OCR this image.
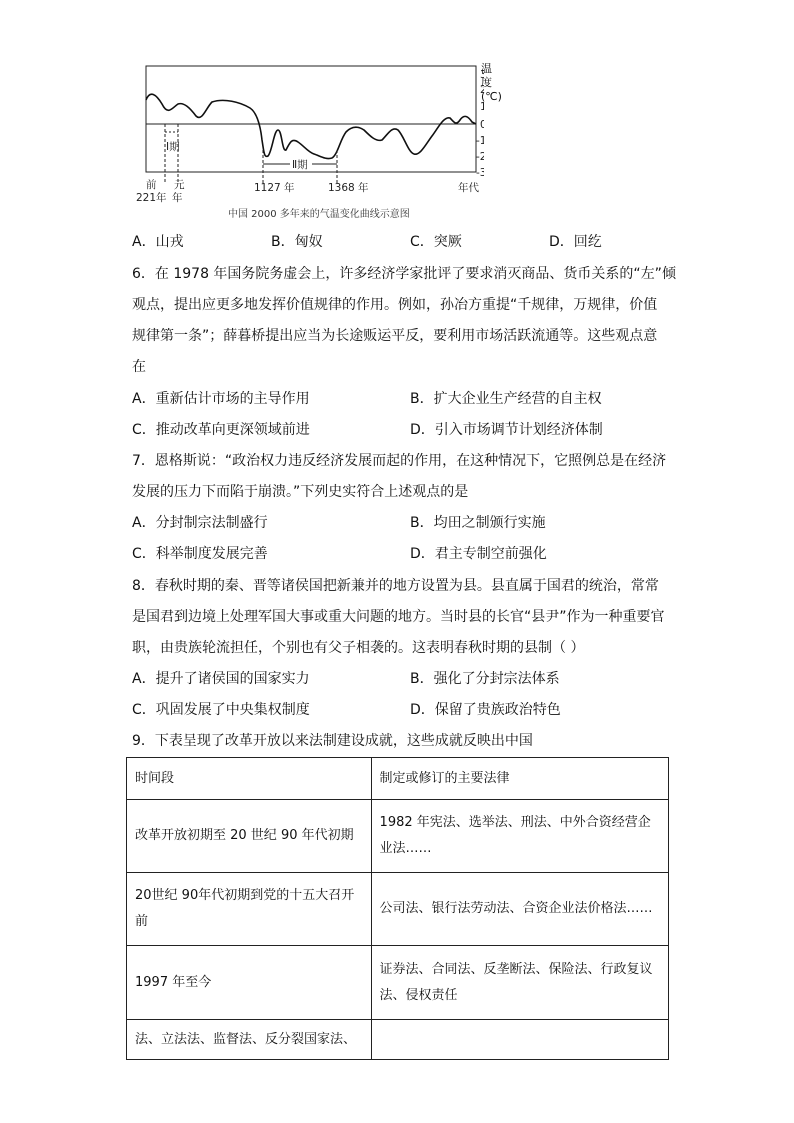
Ⅰ期
Ⅱ期
3
2
1
0
-1
-2
-3
前 元
221年 年
1127 年	1368 年	年代
温
度
(℃)
中国 2000 多年来的气温变化曲线示意图
A．山戎	B．匈奴	C．突厥	D．回纥
6．在 1978 年国务院务虚会上，许多经济学家批评了要求消灭商品、货币关系的“左”倾
观点，提出应更多地发挥价值规律的作用。例如，孙冶方重提“千规律，万规律，价值
规律第一条”；薛暮桥提出应当为长途贩运平反，要利用市场活跃流通等。这些观点意
在
A．重新估计市场的主导作用	B．扩大企业生产经营的自主权
C．推动改革向更深领域前进	D．引入市场调节计划经济体制
7．恩格斯说：“政治权力违反经济发展而起的作用，在这种情况下，它照例总是在经济
发展的压力下而陷于崩溃。”下列史实符合上述观点的是
A．分封制宗法制盛行	B．均田之制颁行实施
C．科举制度发展完善	D．君主专制空前强化
8．春秋时期的秦、晋等诸侯国把新兼并的地方设置为县。县直属于国君的统治，常常
是国君到边境上处理军国大事或重大问题的地方。当时县的长官“县尹”作为一种重要官
职，由贵族轮流担任，个别也有父子相袭的。这表明春秋时期的县制（ ）
A．提升了诸侯国的国家实力	B．强化了分封宗法体系
C．巩固发展了中央集权制度	D．保留了贵族政治特色
9．下表呈现了改革开放以来法制建设成就，这些成就反映出中国
时间段	制定或修订的主要法律
改革开放初期至 20 世纪 90 年代初期	1982 年宪法、选举法、刑法、中外合资经营企业法……
20世纪 90年代初期到党的十五大召开前	公司法、银行法劳动法、合资企业法价格法……
1997 年至今	证券法、合同法、反垄断法、保险法、行政复议法、侵权责任
法、立法法、监督法、反分裂国家法、	
